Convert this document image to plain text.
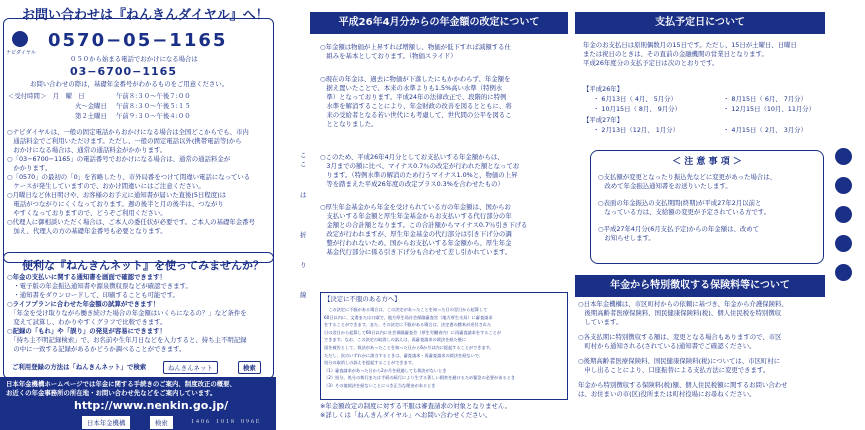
お問い合わせは『ねんきんダイヤル』へ！
ナビダイヤル
0570−05−1165
０５０から始まる電話でおかけになる場合は
03−6700−1165
お問い合わせの際は，基礎年金番号がわかるものをご用意ください。
＜受付時間＞　月　曜　日	午前８:３０〜午後７:００
火〜金曜日 午前８:３０〜午後５:１５
第２土曜日 午前９:３０〜午後４:００
○ナビダイヤルは、一般の固定電話からおかけになる場合は全国どこからでも、市内
　通話料金でご利用いただけます。ただし、一般の固定電話以外(携帯電話等)から
　おかけになる場合は、通常の通話料金がかかります。
○「03−6700−1165」の電話番号でおかけになる場合は、通常の通話料金が
　かかります。
○「0570」の最初の「0」を省略したり、市外局番をつけて間違い電話になっている
　ケースが発生していますので、おかけ間違いにはご注意ください。
○月曜日など休日明けや、お客様のお手元に通知書が届いた直後(5日程度)は
　電話がつながりにくくなっております。週の後半と月の後半は、つながり
　やすくなっておりますので、どうぞご利用ください。
○代理人に御相談いただく場合は、ご本人の委任状が必要です。ご本人の基礎年金番号
　加え、代理人の方の基礎年金番号も必要となります。
便利な『ねんきんネット』を使ってみませんか？
○年金の支払いに関する通知書を画面で確認できます！
　・電子版の年金振込通知書や源泉徴収票などが確認できます。
　・通知書をダウンロードして、印刷することも可能です。
○ライフプランに合わせた年金額の試算ができます！
　「年金を受け取りながら働き続けた場合の年金額はいくらになるの？」など条件を
　変えて試算し、わかりやすくグラフで比較できます。
○記録の「もれ」や「誤り」の発見が容易にできます！
　「持ち主不明記録検索」で、お名前や生年月日などを入力すると、持ち主不明記録
　の中に一致する記録があるかどうか調べることができます。
ご利用登録の方法は「ねんきんネット」で検索	ねんきんネット	検索
日本年金機構ホームページでは年金に関する手続きのご案内、制度改正の概要、
お近くの年金事務所の所在地・お問い合わせ先などをご案内しています。
http://www.nenkin.go.jp/
日本年金機構	検索	１４０６　１０１８　０９６Ｅ
平成26年4月分からの年金額の改定について
○年金額は物価が上昇すれば増額し、物価が低下すれば減額する仕
　組みを基本としております。（物価スライド）
○現在の年金は、過去に物価が下落したにもかかわらず、年金額を
　据え置いたことで、本来の水準よりも1.5%高い水準（特例水
　準）となっております。平成24年の法律改正で、段階的に特例
　水準を解消することにより、年金財政の改善を図るとともに、将
　来の受給者となる若い世代にも考慮して、世代間の公平を図るこ
　ととなりました。
○このため、平成26年4月分としてお支払いする年金額からは、
　3月までの額に比べ、マイナス0.7％の改定が行われた額となってお
　ります。（特例水準の解消のため行うマイナス1.0%と、物価の上昇
　等を踏まえた平成26年度の改定プラス0.3%を合わせたもの）
○厚生年金基金から年金を受けられている方の年金額は、国からお
　支払いする年金額と厚生年金基金からお支払いする代行部分の年
　金額との合計額となります。この合計額からマイナス0.7％引き下げる
　改定が行われますが、厚生年金基金の代行部分は引き下げ分の調
　整が行われないため、国からお支払いする年金額から、厚生年金
　基金代行部分に係る引き下げ分も合わせて差し引かれています。
ここ
は
折
り
線	【決定に不服のある方へ】
　この決定に不服がある場合は、この決定があったことを知った日の翌日から起算して
60日以内に、文書または口頭で、地方厚生局社会保険審査官（地方厚生支局）に審査請求
をすることができます。また、その決定に不服がある場合は、決定書の謄本が送付された
日の翌日から起算して60日以内に社会保険審査会（厚生労働省内）に再審査請求をすることが
できます。なお、この決定の取消しの訴えは、再審査請求の裁決を経た後に
国を被告として、裁決があったことを知った日から6か月以内に提起することができます。
ただし、次のいずれかに該当するときは、審査請求・再審査請求の裁決を経ないで、
処分の取消しの訴えを提起することができます。
（1）審査請求があった日から2か月を経過しても裁決がないとき
（2）処分、処分の執行または手続の続行により生ずる著しい損害を避けるため緊急の必要があるとき
（3）その他裁決を経ないことにつき正当な理由があるとき
※年金額改定の制度に対する不服は審査請求の対象となりません。
※詳しくは「ねんきんダイヤル」へお問い合わせください。
支払予定日について
年金のお支払日は原則偶数月の15日です。ただし、15日が土曜日、日曜日
または祝日のときは、その直前の金融機関の営業日となります。
平成26年度分の支払予定日は次のとおりです。
【平成26年】
・ 6月13日（ 4月、 5月分）	・ 8月15日（ 6月、 7月分）
・ 10月15日（ 8月、 9月分）	・ 12月15日（10月、11月分）
【平成27年】
・ 2月13日（12月、 1月分）	・ 4月15日（ 2月、 3月分）
＜ 注 意 事 項 ＞
○支払額が変更となったり振込先などに変更があった場合は、
　改めて年金振込通知書をお送りいたします。
○表面の年金振込の支払期間(終期)が平成27年2月以前と
　なっている方は、支給額の変更が予定されている方です。
○平成27年4月分(6月支払予定)からの年金額は、改めて
　お知らせします。
年金から特別徴収する保険料等について
○日本年金機構は、市区町村からの依頼に基づき、年金から介護保険料、
　後期高齢者医療保険料、国民健康保険料(税)、個人住民税を特別徴収
　しています。
○各支払期に特別徴収する額は、変更となる場合もありますので、市区
　町村から通知される(されている)通知書でご確認ください。
○後期高齢者医療保険料、国民健康保険料(税)については、市区町村に
　申し出ることにより、口座振替による支払方法に変更できます。
年金から特別徴収する保険料(税)額、個人住民税額に関するお問い合わせ
は、お住まいの市(区)役所または町村役場にお尋ねください。
